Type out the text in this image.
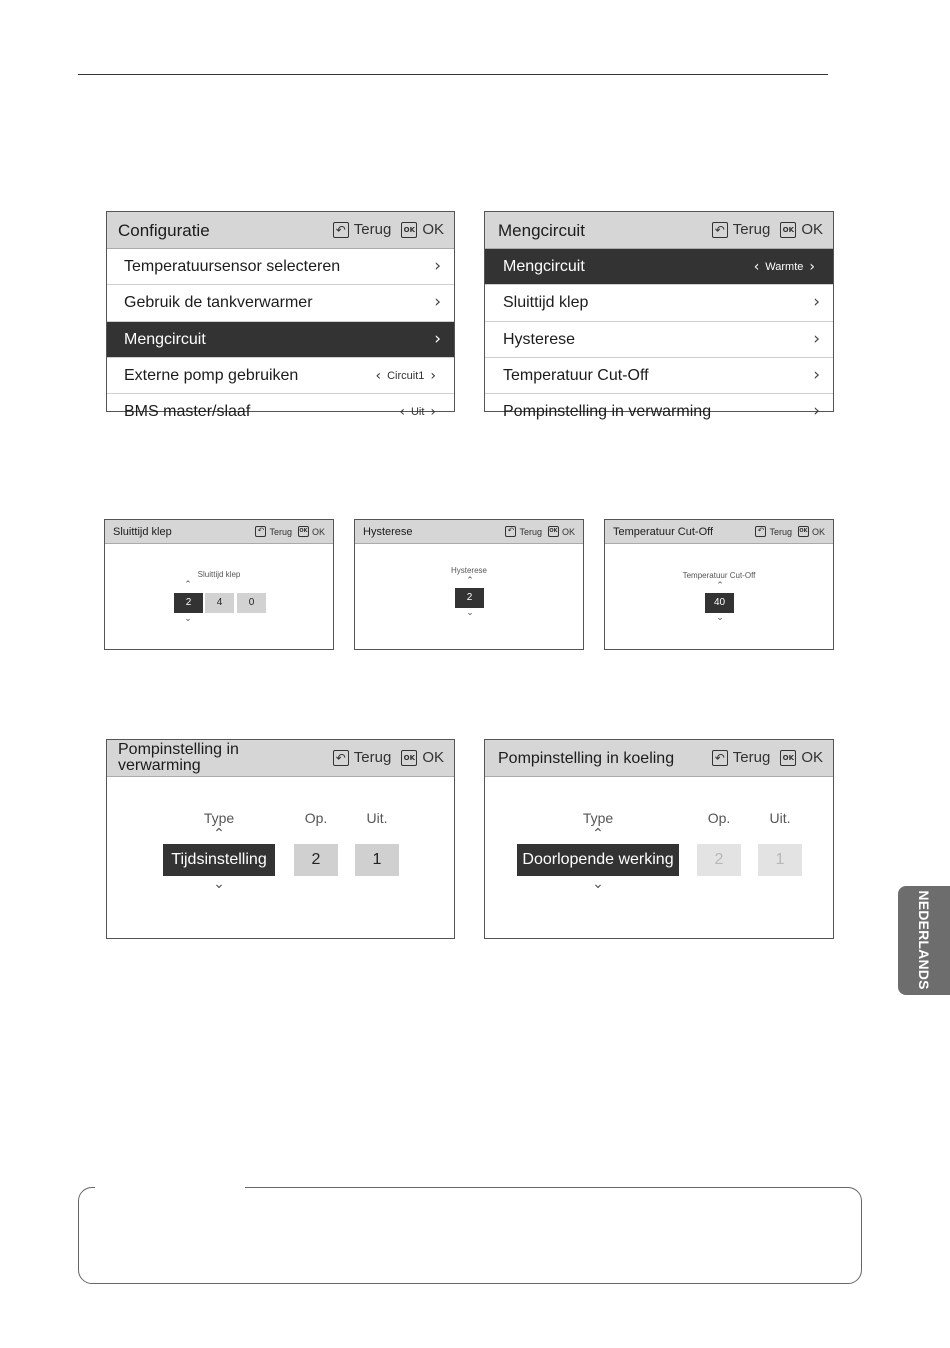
Configuratie ↶	Terug	OK OK
Temperatuursensor selecteren	›
Gebruik de tankverwarmer	›
Mengcircuit	›
Externe pomp gebruiken	‹ Circuit1 ›
BMS master/slaaf	‹ Uit ›
Mengcircuit ↶	Terug	OK OK
Mengcircuit	‹ Warmte ›
Sluittijd klep	›
Hysterese	›
Temperatuur Cut-Off	›
Pompinstelling in verwarming	›
Sluittijd klep ↶	Terug OK OK
Sluittijd klep
⌃
2	4	0
⌄
Hysterese ↶	Terug OK OK
Hysterese
⌃
2
⌄
Temperatuur Cut-Off ↶	Terug OK OK
Temperatuur Cut-Off
⌃
40
⌄
Pompinstelling in
verwarming ↶	Terug	OK OK
Type	Op.	Uit.
⌃
Tijdsinstelling	2	1
⌄
Pompinstelling in koeling ↶	Terug	OK OK
Type	Op.	Uit.
⌃
Doorlopende werking	2	1
⌄
NEDERLANDS
